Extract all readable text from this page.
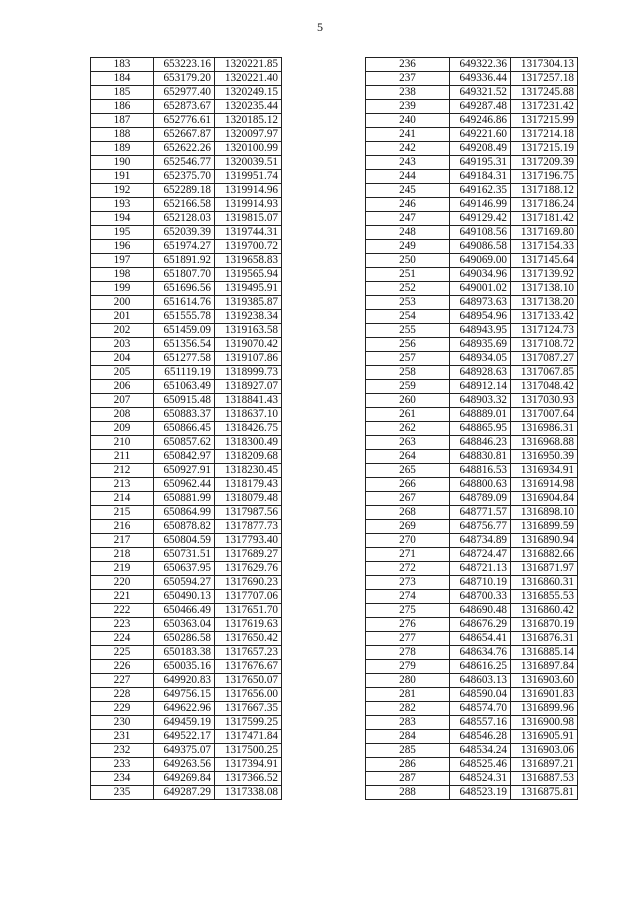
5
183	653223.16	1320221.85
184	653179.20	1320221.40
185	652977.40	1320249.15
186	652873.67	1320235.44
187	652776.61	1320185.12
188	652667.87	1320097.97
189	652622.26	1320100.99
190	652546.77	1320039.51
191	652375.70	1319951.74
192	652289.18	1319914.96
193	652166.58	1319914.93
194	652128.03	1319815.07
195	652039.39	1319744.31
196	651974.27	1319700.72
197	651891.92	1319658.83
198	651807.70	1319565.94
199	651696.56	1319495.91
200	651614.76	1319385.87
201	651555.78	1319238.34
202	651459.09	1319163.58
203	651356.54	1319070.42
204	651277.58	1319107.86
205	651119.19	1318999.73
206	651063.49	1318927.07
207	650915.48	1318841.43
208	650883.37	1318637.10
209	650866.45	1318426.75
210	650857.62	1318300.49
211	650842.97	1318209.68
212	650927.91	1318230.45
213	650962.44	1318179.43
214	650881.99	1318079.48
215	650864.99	1317987.56
216	650878.82	1317877.73
217	650804.59	1317793.40
218	650731.51	1317689.27
219	650637.95	1317629.76
220	650594.27	1317690.23
221	650490.13	1317707.06
222	650466.49	1317651.70
223	650363.04	1317619.63
224	650286.58	1317650.42
225	650183.38	1317657.23
226	650035.16	1317676.67
227	649920.83	1317650.07
228	649756.15	1317656.00
229	649622.96	1317667.35
230	649459.19	1317599.25
231	649522.17	1317471.84
232	649375.07	1317500.25
233	649263.56	1317394.91
234	649269.84	1317366.52
235	649287.29	1317338.08
236	649322.36	1317304.13
237	649336.44	1317257.18
238	649321.52	1317245.88
239	649287.48	1317231.42
240	649246.86	1317215.99
241	649221.60	1317214.18
242	649208.49	1317215.19
243	649195.31	1317209.39
244	649184.31	1317196.75
245	649162.35	1317188.12
246	649146.99	1317186.24
247	649129.42	1317181.42
248	649108.56	1317169.80
249	649086.58	1317154.33
250	649069.00	1317145.64
251	649034.96	1317139.92
252	649001.02	1317138.10
253	648973.63	1317138.20
254	648954.96	1317133.42
255	648943.95	1317124.73
256	648935.69	1317108.72
257	648934.05	1317087.27
258	648928.63	1317067.85
259	648912.14	1317048.42
260	648903.32	1317030.93
261	648889.01	1317007.64
262	648865.95	1316986.31
263	648846.23	1316968.88
264	648830.81	1316950.39
265	648816.53	1316934.91
266	648800.63	1316914.98
267	648789.09	1316904.84
268	648771.57	1316898.10
269	648756.77	1316899.59
270	648734.89	1316890.94
271	648724.47	1316882.66
272	648721.13	1316871.97
273	648710.19	1316860.31
274	648700.33	1316855.53
275	648690.48	1316860.42
276	648676.29	1316870.19
277	648654.41	1316876.31
278	648634.76	1316885.14
279	648616.25	1316897.84
280	648603.13	1316903.60
281	648590.04	1316901.83
282	648574.70	1316899.96
283	648557.16	1316900.98
284	648546.28	1316905.91
285	648534.24	1316903.06
286	648525.46	1316897.21
287	648524.31	1316887.53
288	648523.19	1316875.81
